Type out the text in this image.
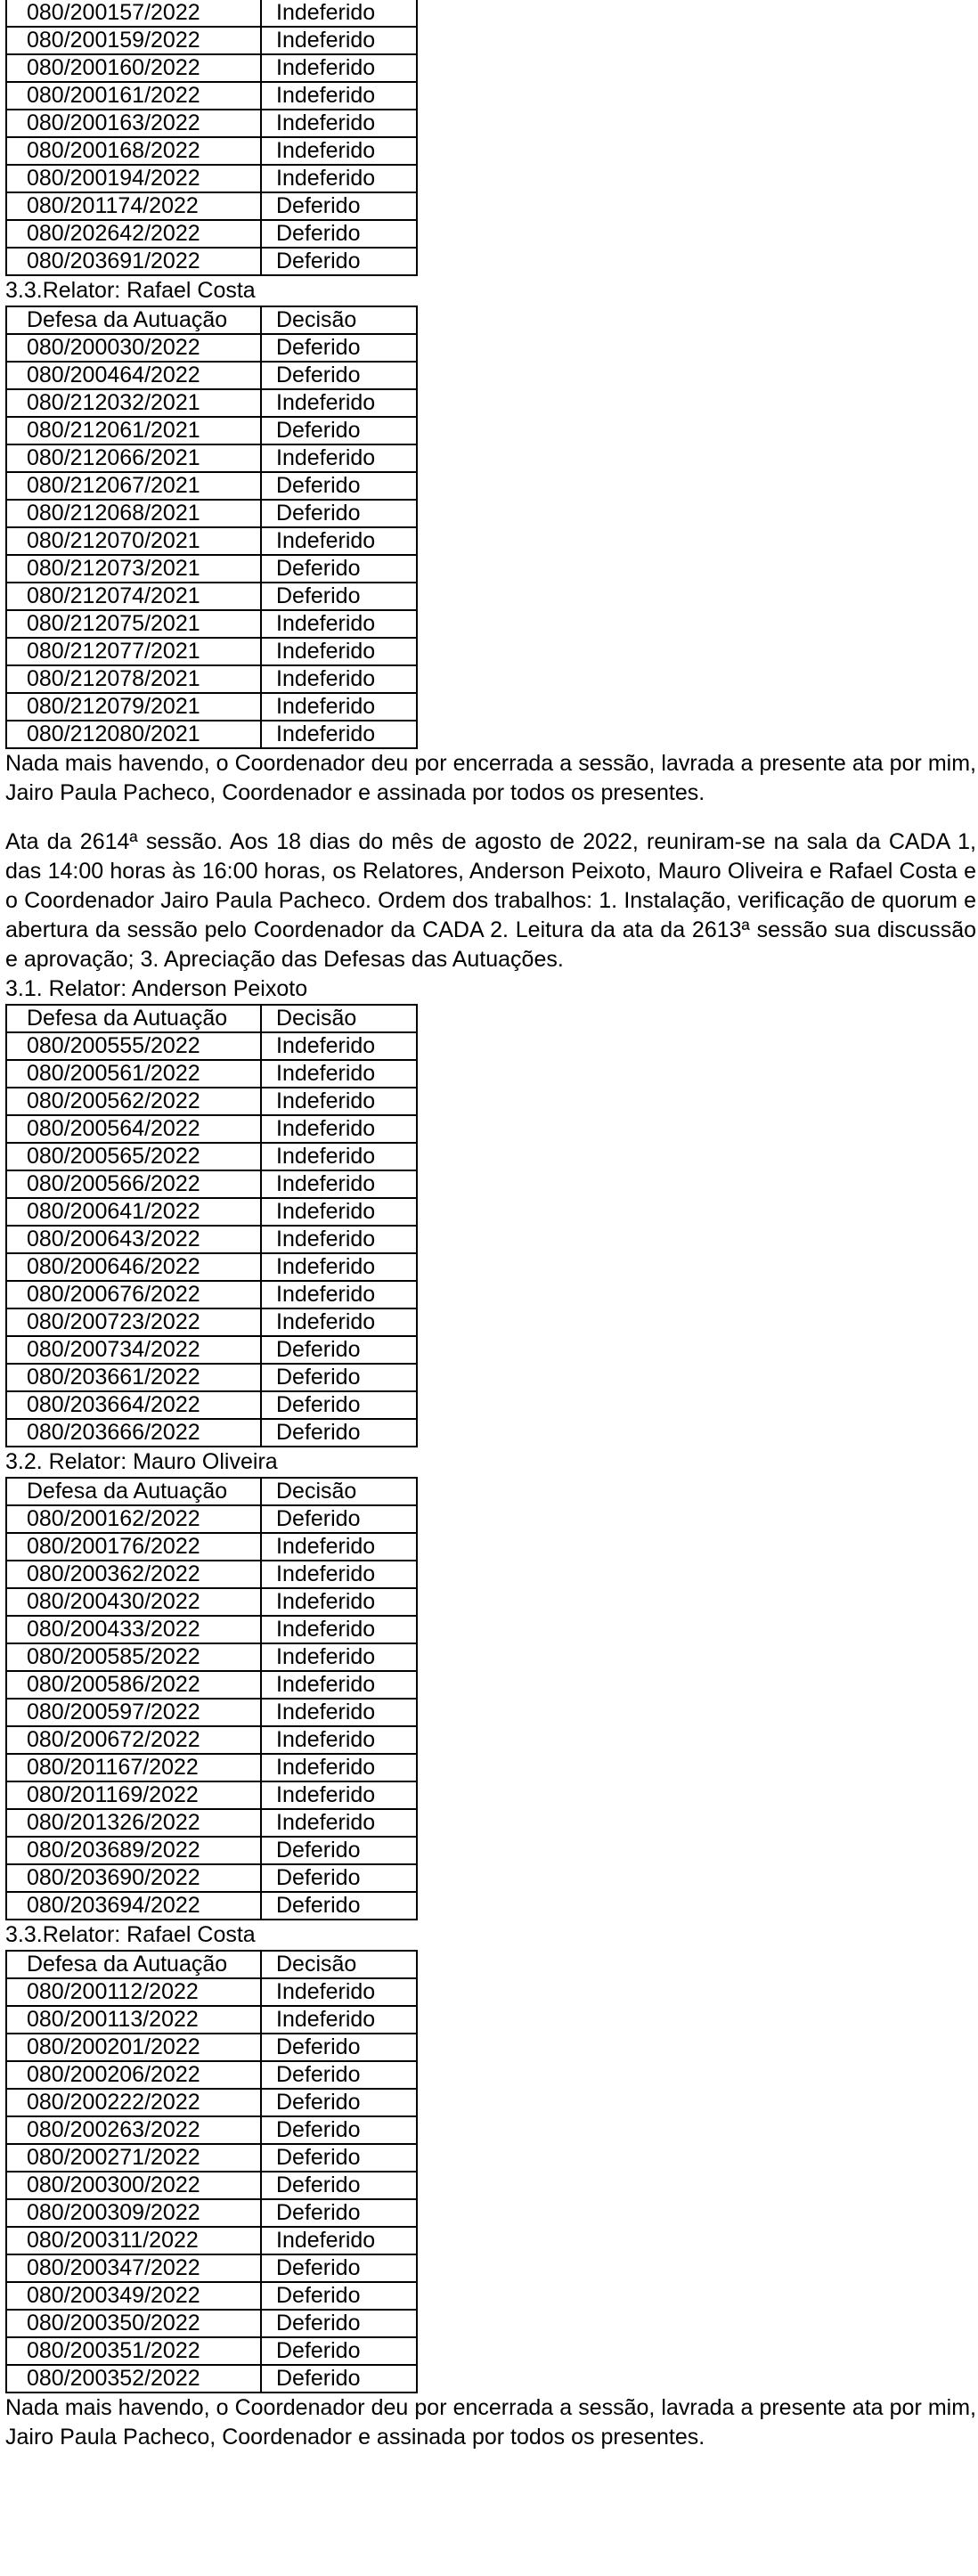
080/200157/2022	Indeferido
080/200159/2022	Indeferido
080/200160/2022	Indeferido
080/200161/2022	Indeferido
080/200163/2022	Indeferido
080/200168/2022	Indeferido
080/200194/2022	Indeferido
080/201174/2022	Deferido
080/202642/2022	Deferido
080/203691/2022	Deferido
3.3.Relator: Rafael Costa
Defesa da Autuação	Decisão
080/200030/2022	Deferido
080/200464/2022	Deferido
080/212032/2021	Indeferido
080/212061/2021	Deferido
080/212066/2021	Indeferido
080/212067/2021	Deferido
080/212068/2021	Deferido
080/212070/2021	Indeferido
080/212073/2021	Deferido
080/212074/2021	Deferido
080/212075/2021	Indeferido
080/212077/2021	Indeferido
080/212078/2021	Indeferido
080/212079/2021	Indeferido
080/212080/2021	Indeferido

Nada mais havendo, o Coordenador deu por encerrada a sessão, lavrada a presente ata por mim, Jairo Paula Pacheco, Coordenador e assinada por todos os presentes.

Ata da 2614ª sessão. Aos 18 dias do mês de agosto de 2022, reuniram-se na sala da CADA 1, das 14:00 horas às 16:00 horas, os Relatores, Anderson Peixoto, Mauro Oliveira e Rafael Costa e o Coordenador Jairo Paula Pacheco. Ordem dos trabalhos: 1. Instalação, verificação de quorum e abertura da sessão pelo Coordenador da CADA 2. Leitura da ata da 2613ª sessão sua discussão e aprovação; 3. Apreciação das Defesas das Autuações.

3.1. Relator: Anderson Peixoto
Defesa da Autuação	Decisão
080/200555/2022	Indeferido
080/200561/2022	Indeferido
080/200562/2022	Indeferido
080/200564/2022	Indeferido
080/200565/2022	Indeferido
080/200566/2022	Indeferido
080/200641/2022	Indeferido
080/200643/2022	Indeferido
080/200646/2022	Indeferido
080/200676/2022	Indeferido
080/200723/2022	Indeferido
080/200734/2022	Deferido
080/203661/2022	Deferido
080/203664/2022	Deferido
080/203666/2022	Deferido
3.2. Relator: Mauro Oliveira
Defesa da Autuação	Decisão
080/200162/2022	Deferido
080/200176/2022	Indeferido
080/200362/2022	Indeferido
080/200430/2022	Indeferido
080/200433/2022	Indeferido
080/200585/2022	Indeferido
080/200586/2022	Indeferido
080/200597/2022	Indeferido
080/200672/2022	Indeferido
080/201167/2022	Indeferido
080/201169/2022	Indeferido
080/201326/2022	Indeferido
080/203689/2022	Deferido
080/203690/2022	Deferido
080/203694/2022	Deferido
3.3.Relator: Rafael Costa
Defesa da Autuação	Decisão
080/200112/2022	Indeferido
080/200113/2022	Indeferido
080/200201/2022	Deferido
080/200206/2022	Deferido
080/200222/2022	Deferido
080/200263/2022	Deferido
080/200271/2022	Deferido
080/200300/2022	Deferido
080/200309/2022	Deferido
080/200311/2022	Indeferido
080/200347/2022	Deferido
080/200349/2022	Deferido
080/200350/2022	Deferido
080/200351/2022	Deferido
080/200352/2022	Deferido

Nada mais havendo, o Coordenador deu por encerrada a sessão, lavrada a presente ata por mim, Jairo Paula Pacheco, Coordenador e assinada por todos os presentes.
